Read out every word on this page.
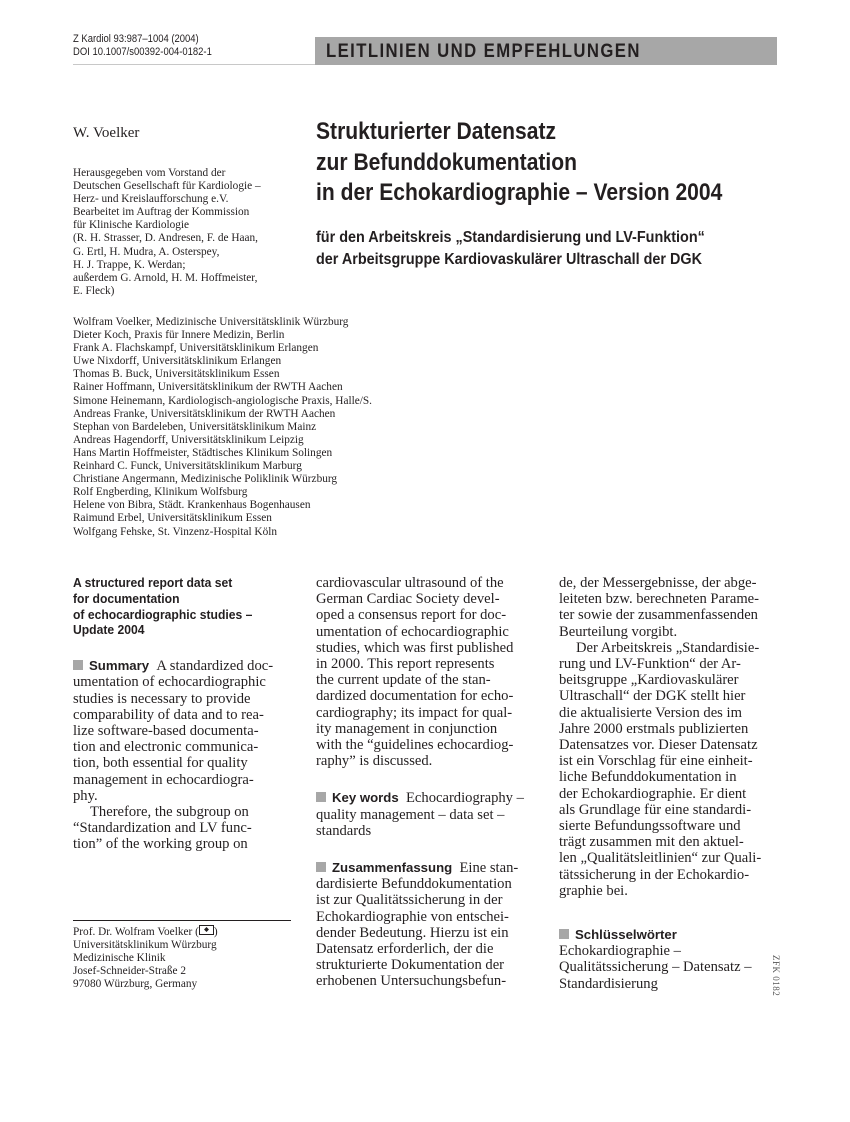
Z Kardiol 93:987–1004 (2004)
DOI 10.1007/s00392-004-0182-1	LEITLINIEN UND EMPFEHLUNGEN
W. Voelker
Herausgegeben vom Vorstand der
Deutschen Gesellschaft für Kardiologie –
Herz- und Kreislaufforschung e.V.
Bearbeitet im Auftrag der Kommission
für Klinische Kardiologie
(R. H. Strasser, D. Andresen, F. de Haan,
G. Ertl, H. Mudra, A. Osterspey,
H. J. Trappe, K. Werdan;
außerdem G. Arnold, H. M. Hoffmeister,
E. Fleck)
Strukturierter Datensatz
zur Befunddokumentation
in der Echokardiographie – Version 2004
für den Arbeitskreis „Standardisierung und LV-Funktion“
der Arbeitsgruppe Kardiovaskulärer Ultraschall der DGK
Wolfram Voelker, Medizinische Universitätsklinik Würzburg
Dieter Koch, Praxis für Innere Medizin, Berlin
Frank A. Flachskampf, Universitätsklinikum Erlangen
Uwe Nixdorff, Universitätsklinikum Erlangen
Thomas B. Buck, Universitätsklinikum Essen
Rainer Hoffmann, Universitätsklinikum der RWTH Aachen
Simone Heinemann, Kardiologisch-angiologische Praxis, Halle/S.
Andreas Franke, Universitätsklinikum der RWTH Aachen
Stephan von Bardeleben, Universitätsklinikum Mainz
Andreas Hagendorff, Universitätsklinikum Leipzig
Hans Martin Hoffmeister, Städtisches Klinikum Solingen
Reinhard C. Funck, Universitätsklinikum Marburg
Christiane Angermann, Medizinische Poliklinik Würzburg
Rolf Engberding, Klinikum Wolfsburg
Helene von Bibra, Städt. Krankenhaus Bogenhausen
Raimund Erbel, Universitätsklinikum Essen
Wolfgang Fehske, St. Vinzenz-Hospital Köln
A structured report data set
for documentation
of echocardiographic studies –
Update 2004
Summary A standardized doc-
umentation of echocardiographic
studies is necessary to provide
comparability of data and to rea-
lize software-based documenta-
tion and electronic communica-
tion, both essential for quality
management in echocardiogra-
phy.
Therefore, the subgroup on
“Standardization and LV func-
tion” of the working group on
cardiovascular ultrasound of the
German Cardiac Society devel-
oped a consensus report for doc-
umentation of echocardiographic
studies, which was first published
in 2000. This report represents
the current update of the stan-
dardized documentation for echo-
cardiography; its impact for qual-
ity management in conjunction
with the “guidelines echocardiog-
raphy” is discussed.
Key words Echocardiography –
quality management – data set –
standards
Zusammenfassung Eine stan-
dardisierte Befunddokumentation
ist zur Qualitätssicherung in der
Echokardiographie von entschei-
dender Bedeutung. Hierzu ist ein
Datensatz erforderlich, der die
strukturierte Dokumentation der
erhobenen Untersuchungsbefun-
de, der Messergebnisse, der abge-
leiteten bzw. berechneten Parame-
ter sowie der zusammenfassenden
Beurteilung vorgibt.
Der Arbeitskreis „Standardisie-
rung und LV-Funktion“ der Ar-
beitsgruppe „Kardiovaskulärer
Ultraschall“ der DGK stellt hier
die aktualisierte Version des im
Jahre 2000 erstmals publizierten
Datensatzes vor. Dieser Datensatz
ist ein Vorschlag für eine einheit-
liche Befunddokumentation in
der Echokardiographie. Er dient
als Grundlage für eine standardi-
sierte Befundungssoftware und
trägt zusammen mit den aktuel-
len „Qualitätsleitlinien“ zur Quali-
tätssicherung in der Echokardio-
graphie bei.
Schlüsselwörter
Echokardiographie –
Qualitätssicherung – Datensatz –
Standardisierung
Prof. Dr. Wolfram Voelker ( )
Universitätsklinikum Würzburg
Medizinische Klinik
Josef-Schneider-Straße 2
97080 Würzburg, Germany	ZFK 0182
